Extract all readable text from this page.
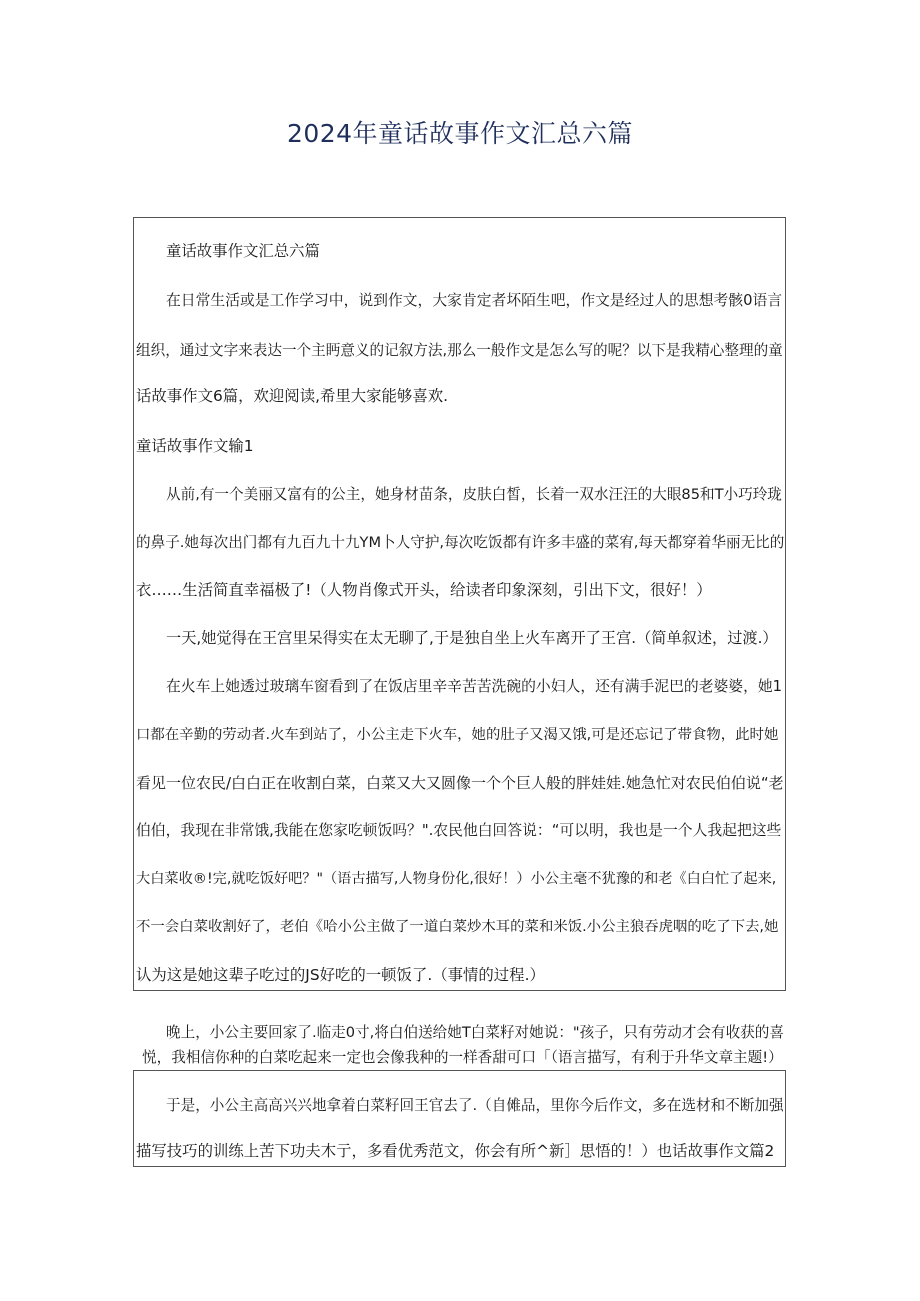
2024年童话故事作文汇总六篇
童话故事作文汇总六篇
在日常生活或是工作学习中，说到作文，大家肯定者坏陌生吧，作文是经过人的思想考骸0语言
组织，通过文字来表达一个主眄意义的记叙方法,那么一般作文是怎么写的呢？以下是我精心整理的童
话故事作文6篇，欢迎阅读,希里大家能够喜欢.
童话故事作文输1
从前,有一个美丽又富有的公主，她身材苗条，皮肤白皙，长着一双水汪汪的大眼85和T小巧玲珑
的鼻子.她每次出门都有九百九十九YM卜人守护,每次吃饭都有许多丰盛的菜宥,每天都穿着华丽无比的
衣……生活简直幸福极了!（人物肖像式开头，给读者印象深刻，引出下文，很好！）
一天,她觉得在王宫里呆得实在太无聊了,于是独自坐上火车离开了王宫.（简单叙述，过渡.）
在火车上她透过玻璃车窗看到了在饭店里辛辛苦苦洗碗的小妇人，还有满手泥巴的老婆婆，她1
口都在辛勤的劳动者.火车到站了，小公主走下火车，她的肚子又渴又饿,可是还忘记了带食物，此时她
看见一位农民/白白正在收割白菜，白菜又大又圆像一个个巨人般的胖娃娃.她急忙对农民伯伯说“老
伯伯，我现在非常饿,我能在您家吃顿饭吗？".农民他白回答说：“可以明，我也是一个人我起把这些
大白菜收®!完,就吃饭好吧？"（语古描写,人物身份化,很好！）小公主毫不犹豫的和老《白白忙了起来,
不一会白菜收割好了，老伯《哈小公主做了一道白菜炒木耳的菜和米饭.小公主狼吞虎咽的吃了下去,她
认为这是她这辈子吃过的JS好吃的一顿饭了.（事情的过程.）
晚上，小公主要回家了.临走0寸,将白伯送给她T白菜籽对她说："孩子，只有劳动才会有收获的喜
悦，我相信你种的白菜吃起来一定也会像我种的一样香甜可口「（语言描写，有利于升华文章主题!）
于是，小公主高高兴兴地拿着白菜籽回王官去了.（自傩品，里你今后作文，多在选材和不断加强
描写技巧的训练上苦下功夫木亍，多看优秀范文，你会有所^新］思悟的！）也话故事作文篇2
